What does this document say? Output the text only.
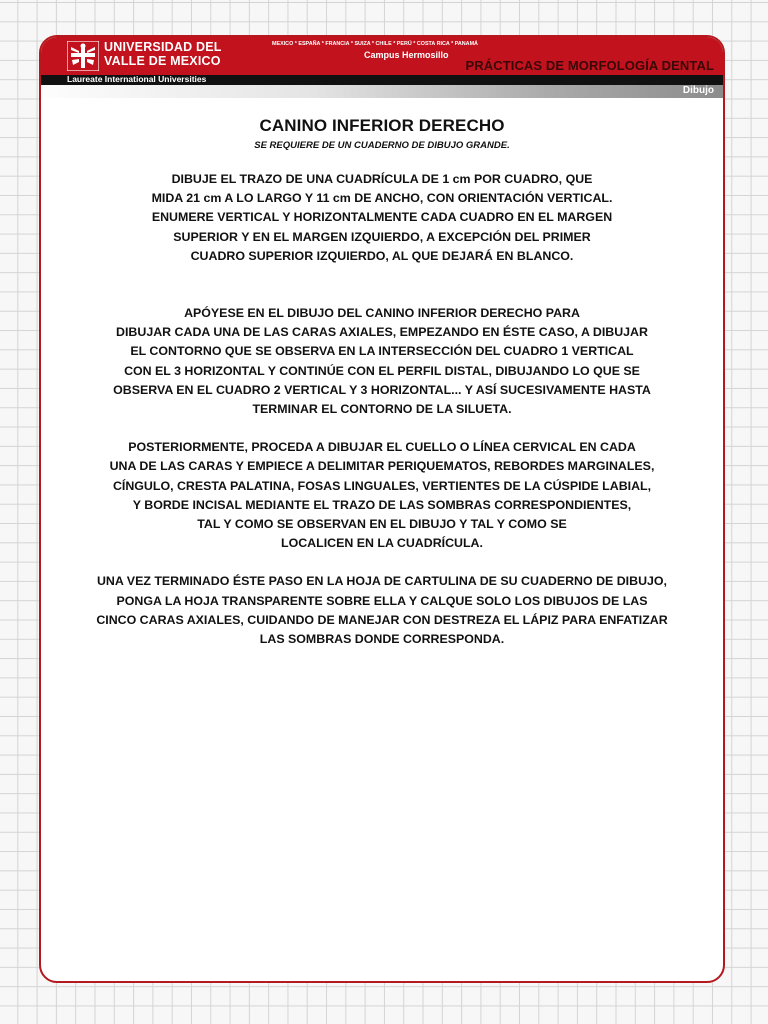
UNIVERSIDAD DEL
VALLE DE MEXICO
MEXICO * ESPAÑA * FRANCIA * SUIZA * CHILE * PERÚ * COSTA RICA * PANAMÁ
Campus Hermosillo
PRÁCTICAS DE MORFOLOGÍA DENTAL
Laureate International Universities
Dibujo
CANINO INFERIOR DERECHO

SE REQUIERE DE UN CUADERNO DE DIBUJO GRANDE.

DIBUJE EL TRAZO DE UNA CUADRÍCULA DE 1 cm POR CUADRO, QUE
MIDA 21 cm A LO LARGO Y 11 cm DE ANCHO, CON ORIENTACIÓN VERTICAL.
ENUMERE VERTICAL Y HORIZONTALMENTE CADA CUADRO EN EL MARGEN
SUPERIOR Y EN EL MARGEN IZQUIERDO, A EXCEPCIÓN DEL PRIMER
CUADRO SUPERIOR IZQUIERDO, AL QUE DEJARÁ EN BLANCO.

APÓYESE EN EL DIBUJO DEL CANINO INFERIOR DERECHO PARA
DIBUJAR CADA UNA DE LAS CARAS AXIALES, EMPEZANDO EN ÉSTE CASO, A DIBUJAR
EL CONTORNO QUE SE OBSERVA EN LA INTERSECCIÓN DEL CUADRO 1 VERTICAL
CON EL 3 HORIZONTAL Y CONTINÚE CON EL PERFIL DISTAL, DIBUJANDO LO QUE SE
OBSERVA EN EL CUADRO 2 VERTICAL Y 3 HORIZONTAL... Y ASÍ SUCESIVAMENTE HASTA
TERMINAR EL CONTORNO DE LA SILUETA.

POSTERIORMENTE, PROCEDA A DIBUJAR EL CUELLO O LÍNEA CERVICAL EN CADA
UNA DE LAS CARAS Y EMPIECE A DELIMITAR PERIQUEMATOS, REBORDES MARGINALES,
CÍNGULO, CRESTA PALATINA, FOSAS LINGUALES, VERTIENTES DE LA CÚSPIDE LABIAL,
Y BORDE INCISAL MEDIANTE EL TRAZO DE LAS SOMBRAS CORRESPONDIENTES,
TAL Y COMO SE OBSERVAN EN EL DIBUJO Y TAL Y COMO SE
LOCALICEN EN LA CUADRÍCULA.

UNA VEZ TERMINADO ÉSTE PASO EN LA HOJA DE CARTULINA DE SU CUADERNO DE DIBUJO,
PONGA LA HOJA TRANSPARENTE SOBRE ELLA Y CALQUE SOLO LOS DIBUJOS DE LAS
CINCO CARAS AXIALES, CUIDANDO DE MANEJAR CON DESTREZA EL LÁPIZ PARA ENFATIZAR
LAS SOMBRAS DONDE CORRESPONDA.
